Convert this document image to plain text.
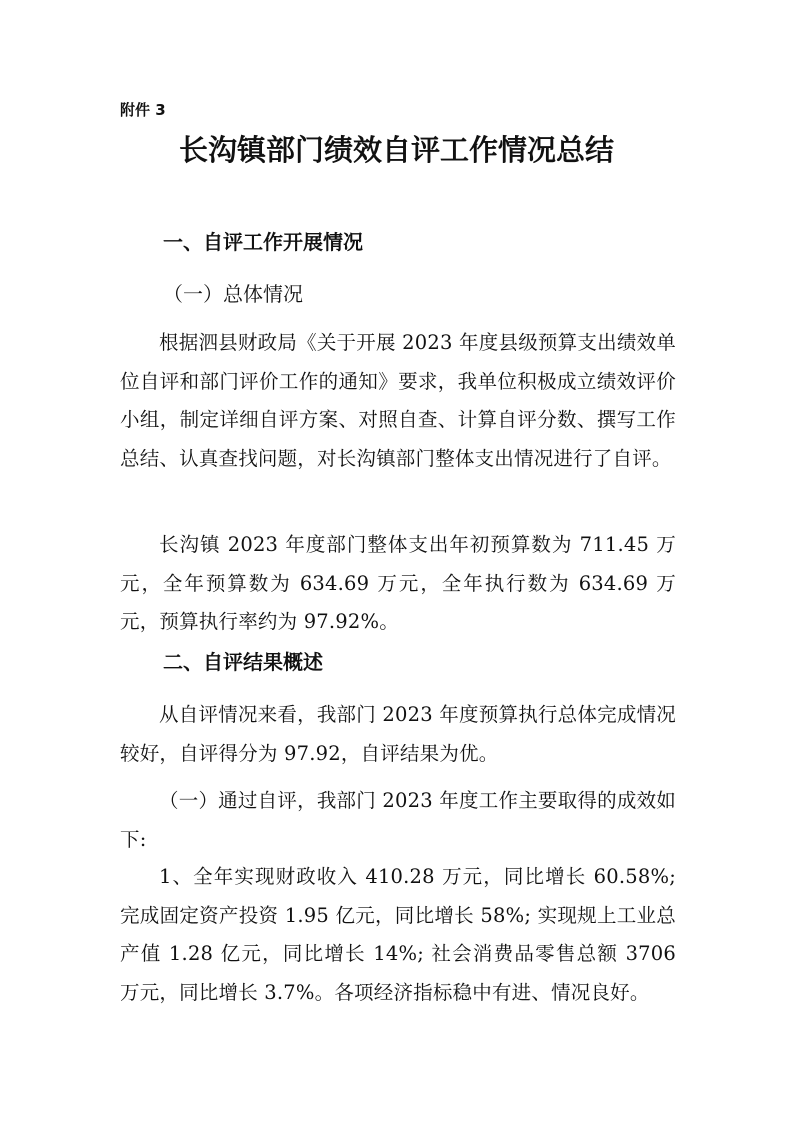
附件 3
长沟镇部门绩效自评工作情况总结
一、自评工作开展情况
（一）总体情况
根据泗县财政局《关于开展 2023 年度县级预算支出绩效单位自评和部门评价工作的通知》要求，我单位积极成立绩效评价小组，制定详细自评方案、对照自查、计算自评分数、撰写工作总结、认真查找问题，对长沟镇部门整体支出情况进行了自评。
长沟镇 2023 年度部门整体支出年初预算数为 711.45 万元，全年预算数为 634.69 万元，全年执行数为 634.69 万元，预算执行率约为 97.92%。
二、自评结果概述
从自评情况来看，我部门 2023 年度预算执行总体完成情况较好，自评得分为 97.92，自评结果为优。
（一）通过自评，我部门 2023 年度工作主要取得的成效如下:
1、全年实现财政收入 410.28 万元，同比增长 60.58%; 完成固定资产投资 1.95 亿元，同比增长 58%; 实现规上工业总产值 1.28 亿元，同比增长 14%; 社会消费品零售总额 3706 万元，同比增长 3.7%。各项经济指标稳中有进、情况良好。
